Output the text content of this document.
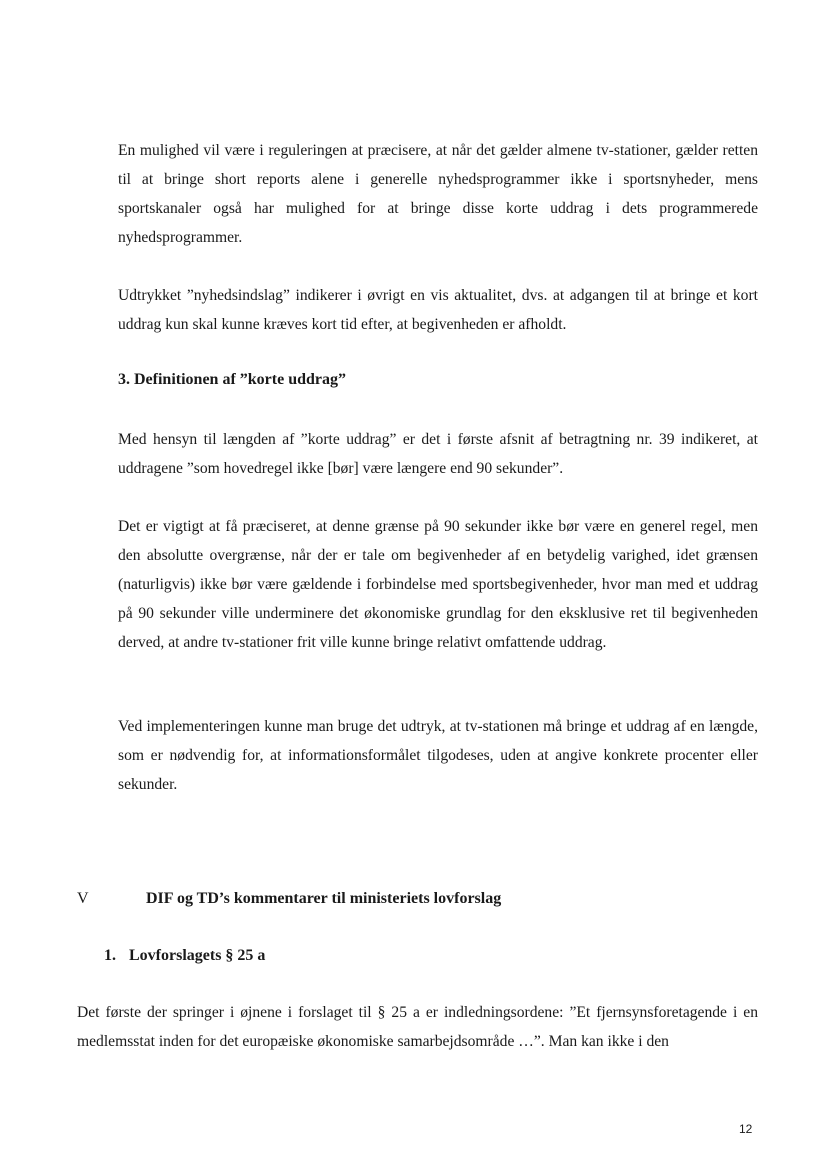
En mulighed vil være i reguleringen at præcisere, at når det gælder almene tv-stationer, gælder retten til at bringe short reports alene i generelle nyhedsprogrammer ikke i sportsnyheder, mens sportskanaler også har mulighed for at bringe disse korte uddrag i dets programmerede nyhedsprogrammer.

Udtrykket ”nyhedsindslag” indikerer i øvrigt en vis aktualitet, dvs. at adgangen til at bringe et kort uddrag kun skal kunne kræves kort tid efter, at begivenheden er afholdt.

3. Definitionen af ”korte uddrag”

Med hensyn til længden af ”korte uddrag” er det i første afsnit af betragtning nr. 39 indikeret, at uddragene ”som hovedregel ikke [bør] være længere end 90 sekunder”.

Det er vigtigt at få præciseret, at denne grænse på 90 sekunder ikke bør være en generel regel, men den absolutte overgrænse, når der er tale om begivenheder af en betydelig varighed, idet grænsen (naturligvis) ikke bør være gældende i forbindelse med sportsbegivenheder, hvor man med et uddrag på 90 sekunder ville underminere det økonomiske grundlag for den eksklusive ret til begivenheden derved, at andre tv-stationer frit ville kunne bringe relativt omfattende uddrag.

Ved implementeringen kunne man bruge det udtryk, at tv-stationen må bringe et uddrag af en længde, som er nødvendig for, at informationsformålet tilgodeses, uden at angive konkrete procenter eller sekunder.

V	DIF og TD’s kommentarer til ministeriets lovforslag

1. Lovforslagets § 25 a

Det første der springer i øjnene i forslaget til § 25 a er indledningsordene: ”Et fjernsynsforetagende i en medlemsstat inden for det europæiske økonomiske samarbejdsområde …”. Man kan ikke i den

12
